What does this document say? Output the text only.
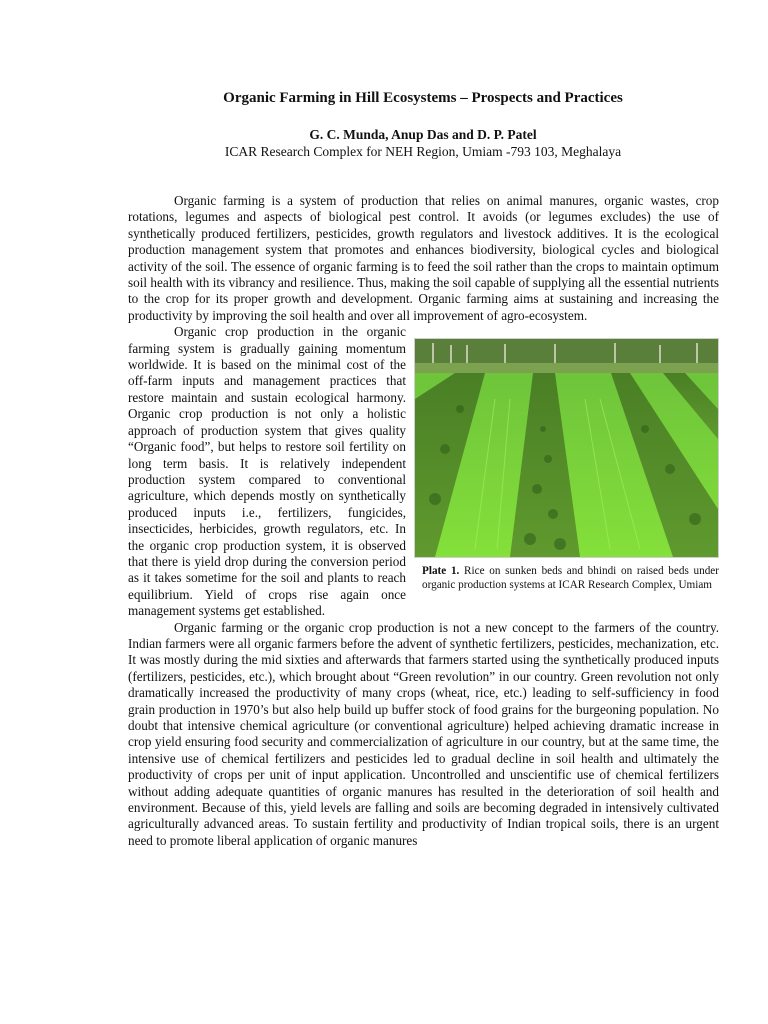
Organic Farming in Hill Ecosystems – Prospects and Practices
G. C. Munda, Anup Das and D. P. Patel
ICAR Research Complex for NEH Region, Umiam -793 103, Meghalaya

Organic farming is a system of production that relies on animal manures, organic wastes, crop rotations, legumes and aspects of biological pest control. It avoids (or legumes excludes) the use of synthetically produced fertilizers, pesticides, growth regulators and livestock additives. It is the ecological production management system that promotes and enhances biodiversity, biological cycles and biological activity of the soil. The essence of organic farming is to feed the soil rather than the crops to maintain optimum soil health with its vibrancy and resilience. Thus, making the soil capable of supplying all the essential nutrients to the crop for its proper growth and development. Organic farming aims at sustaining and increasing the productivity by improving the soil health and over all improvement of agro-ecosystem.

Plate 1. Rice on sunken beds and bhindi on raised beds under organic production systems at ICAR Research Complex, Umiam

Organic crop production in the organic farming system is gradually gaining momentum worldwide. It is based on the minimal cost of the off-farm inputs and management practices that restore maintain and sustain ecological harmony. Organic crop production is not only a holistic approach of production system that gives quality “Organic food”, but helps to restore soil fertility on long term basis. It is relatively independent production system compared to conventional agriculture, which depends mostly on synthetically produced inputs i.e., fertilizers, fungicides, insecticides, herbicides, growth regulators, etc. In the organic crop production system, it is observed that there is yield drop during the conversion period as it takes sometime for the soil and plants to reach equilibrium. Yield of crops rise again once management systems get established.

Organic farming or the organic crop production is not a new concept to the farmers of the country. Indian farmers were all organic farmers before the advent of synthetic fertilizers, pesticides, mechanization, etc. It was mostly during the mid sixties and afterwards that farmers started using the synthetically produced inputs (fertilizers, pesticides, etc.), which brought about “Green revolution” in our country. Green revolution not only dramatically increased the productivity of many crops (wheat, rice, etc.) leading to self-sufficiency in food grain production in 1970’s but also help build up buffer stock of food grains for the burgeoning population. No doubt that intensive chemical agriculture (or conventional agriculture) helped achieving dramatic increase in crop yield ensuring food security and commercialization of agriculture in our country, but at the same time, the intensive use of chemical fertilizers and pesticides led to gradual decline in soil health and ultimately the productivity of crops per unit of input application. Uncontrolled and unscientific use of chemical fertilizers without adding adequate quantities of organic manures has resulted in the deterioration of soil health and environment. Because of this, yield levels are falling and soils are becoming degraded in intensively cultivated agriculturally advanced areas. To sustain fertility and productivity of Indian tropical soils, there is an urgent need to promote liberal application of organic manures
